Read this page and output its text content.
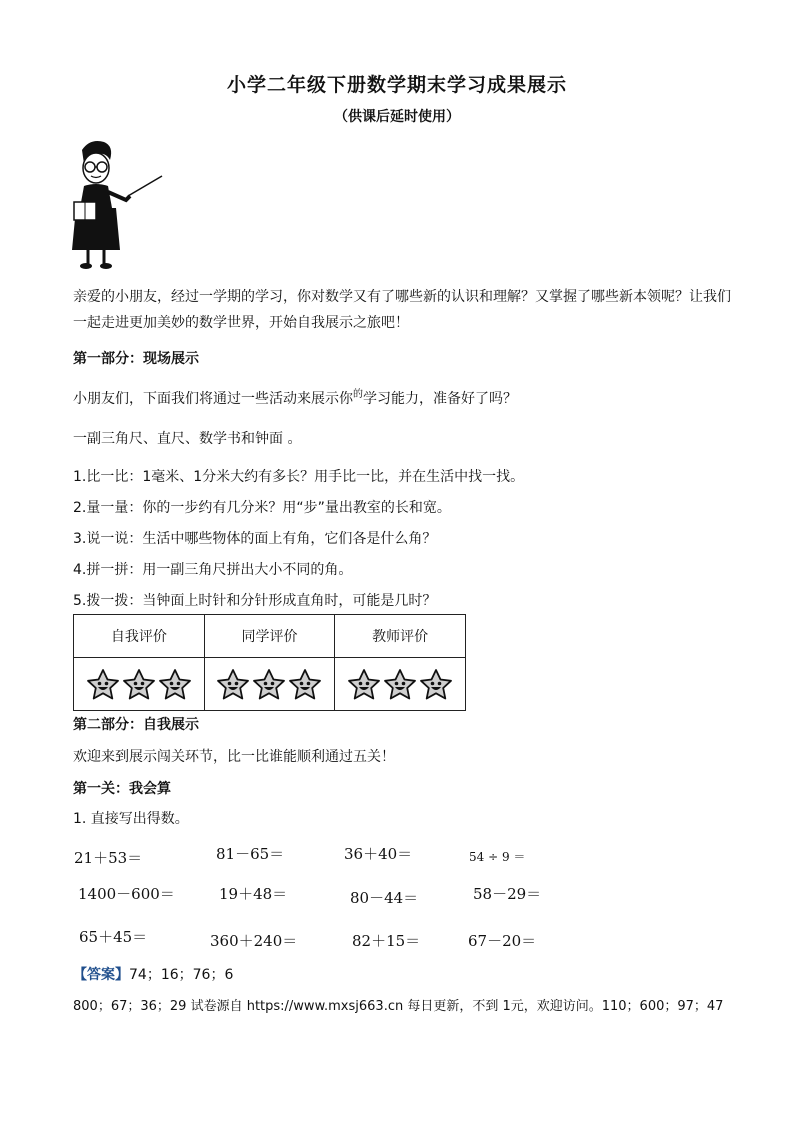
小学二年级下册数学期末学习成果展示
（供课后延时使用）
亲爱的小朋友，经过一学期的学习，你对数学又有了哪些新的认识和理解？又掌握了哪些新本领呢？让我们一起走进更加美妙的数学世界，开始自我展示之旅吧！
第一部分：现场展示
小朋友们，下面我们将通过一些活动来展示你$^的$学习能力，准备好了吗？
一副三角尺、直尺、数学书和钟面 。
1.比一比：1毫米、1分米大约有多长？用手比一比，并在生活中找一找。
2.量一量：你的一步约有几分米？用“步”量出教室的长和宽。
3.说一说：生活中哪些物体的面上有角，它们各是什么角？
4.拼一拼：用一副三角尺拼出大小不同的角。
5.拨一拨：当钟面上时针和分针形成直角时，可能是几时？
自我评价	同学评价	教师评价

第二部分：自我展示
欢迎来到展示闯关环节，比一比谁能顺利通过五关！
第一关：我会算
1. 直接写出得数。
21＋53＝	81－65＝	36＋40＝	54 ÷ 9 ＝
1400－600＝	19＋48＝	80－44＝	58－29＝
65＋45＝	360＋240＝	82＋15＝	67－20＝
【答案】74；16；76；6
800；67；36；29 试卷源自 https://www.mxsj663.cn 每日更新，不到 1元，欢迎访问。110；600；97；47
